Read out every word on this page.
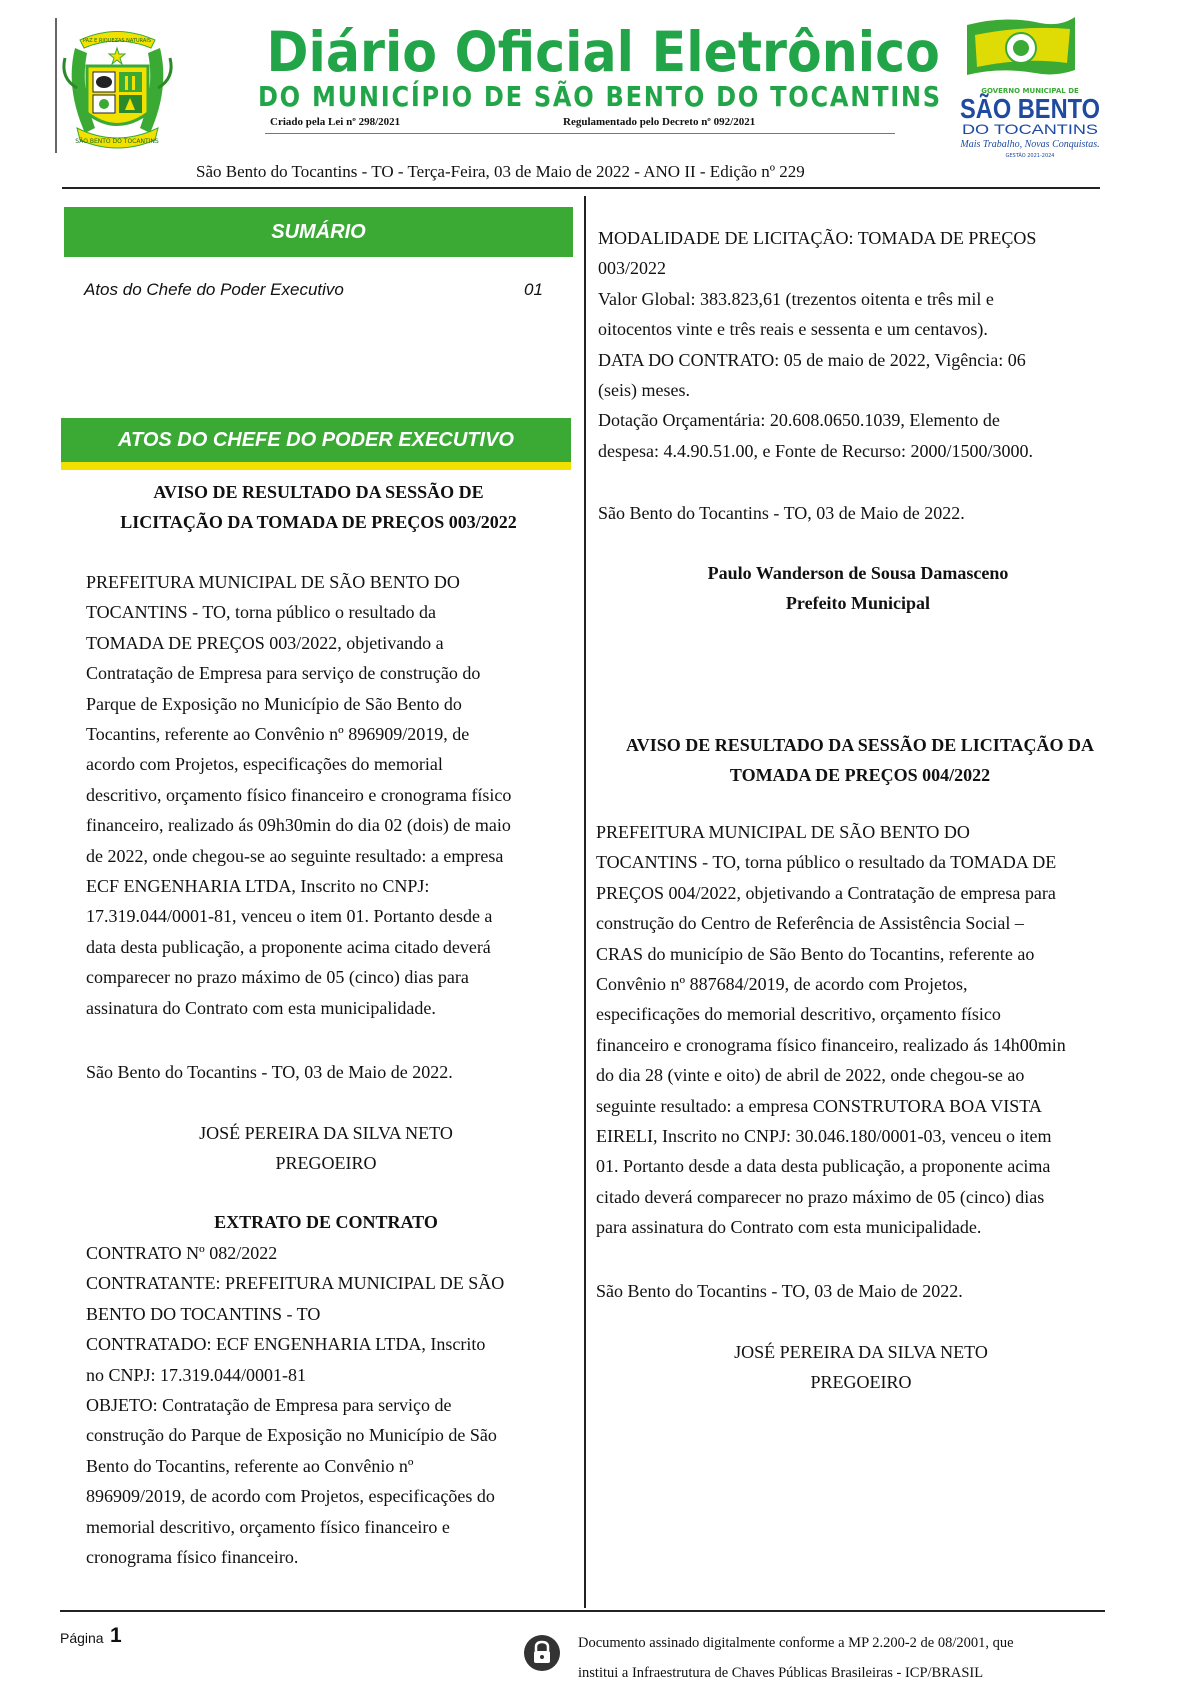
PAZ E RIQUEZAS NATURAIS
SÃO BENTO DO TOCANTINS
Diário Oficial Eletrônico
DO MUNICÍPIO DE SÃO BENTO DO TOCANTINS
Criado pela Lei nº 298/2021	Regulamentado pelo Decreto nº 092/2021
GOVERNO MUNICIPAL DE
SÃO BENTO
DO TOCANTINS
Mais Trabalho, Novas Conquistas.
GESTÃO 2021-2024
São Bento do Tocantins - TO - Terça-Feira, 03 de Maio de 2022 - ANO II - Edição nº 229
SUMÁRIO
Atos do Chefe do Poder Executivo	01
ATOS DO CHEFE DO PODER EXECUTIVO
AVISO DE RESULTADO DA SESSÃO DE
LICITAÇÃO DA TOMADA DE PREÇOS 003/2022
PREFEITURA MUNICIPAL DE SÃO BENTO DO
TOCANTINS - TO, torna público o resultado da
TOMADA DE PREÇOS 003/2022, objetivando a
Contratação de Empresa para serviço de construção do
Parque de Exposição no Município de São Bento do
Tocantins, referente ao Convênio nº 896909/2019, de
acordo com Projetos, especificações do memorial
descritivo, orçamento físico financeiro e cronograma físico
financeiro, realizado ás 09h30min do dia 02 (dois) de maio
de 2022, onde chegou-se ao seguinte resultado: a empresa
ECF ENGENHARIA LTDA, Inscrito no CNPJ:
17.319.044/0001-81, venceu o item 01. Portanto desde a
data desta publicação, a proponente acima citado deverá
comparecer no prazo máximo de 05 (cinco) dias para
assinatura do Contrato com esta municipalidade.
São Bento do Tocantins - TO, 03 de Maio de 2022.
JOSÉ PEREIRA DA SILVA NETO
PREGOEIRO
EXTRATO DE CONTRATO
CONTRATO Nº 082/2022
CONTRATANTE: PREFEITURA MUNICIPAL DE SÃO
BENTO DO TOCANTINS - TO
CONTRATADO: ECF ENGENHARIA LTDA, Inscrito
no CNPJ: 17.319.044/0001-81
OBJETO: Contratação de Empresa para serviço de
construção do Parque de Exposição no Município de São
Bento do Tocantins, referente ao Convênio nº
896909/2019, de acordo com Projetos, especificações do
memorial descritivo, orçamento físico financeiro e
cronograma físico financeiro.
MODALIDADE DE LICITAÇÃO: TOMADA DE PREÇOS
003/2022
Valor Global: 383.823,61 (trezentos oitenta e três mil e
oitocentos vinte e três reais e sessenta e um centavos).
DATA DO CONTRATO: 05 de maio de 2022, Vigência: 06
(seis) meses.
Dotação Orçamentária: 20.608.0650.1039, Elemento de
despesa: 4.4.90.51.00, e Fonte de Recurso: 2000/1500/3000.
São Bento do Tocantins - TO, 03 de Maio de 2022.
Paulo Wanderson de Sousa Damasceno
Prefeito Municipal
AVISO DE RESULTADO DA SESSÃO DE LICITAÇÃO DA
TOMADA DE PREÇOS 004/2022
PREFEITURA MUNICIPAL DE SÃO BENTO DO
TOCANTINS - TO, torna público o resultado da TOMADA DE
PREÇOS 004/2022, objetivando a Contratação de empresa para
construção do Centro de Referência de Assistência Social –
CRAS do município de São Bento do Tocantins, referente ao
Convênio nº 887684/2019, de acordo com Projetos,
especificações do memorial descritivo, orçamento físico
financeiro e cronograma físico financeiro, realizado ás 14h00min
do dia 28 (vinte e oito) de abril de 2022, onde chegou-se ao
seguinte resultado: a empresa CONSTRUTORA BOA VISTA
EIRELI, Inscrito no CNPJ: 30.046.180/0001-03, venceu o item
01. Portanto desde a data desta publicação, a proponente acima
citado deverá comparecer no prazo máximo de 05 (cinco) dias
para assinatura do Contrato com esta municipalidade.
São Bento do Tocantins - TO, 03 de Maio de 2022.
JOSÉ PEREIRA DA SILVA NETO
PREGOEIRO
Página 1	Documento assinado digitalmente conforme a MP 2.200-2 de 08/2001, que
institui a Infraestrutura de Chaves Públicas Brasileiras - ICP/BRASIL
